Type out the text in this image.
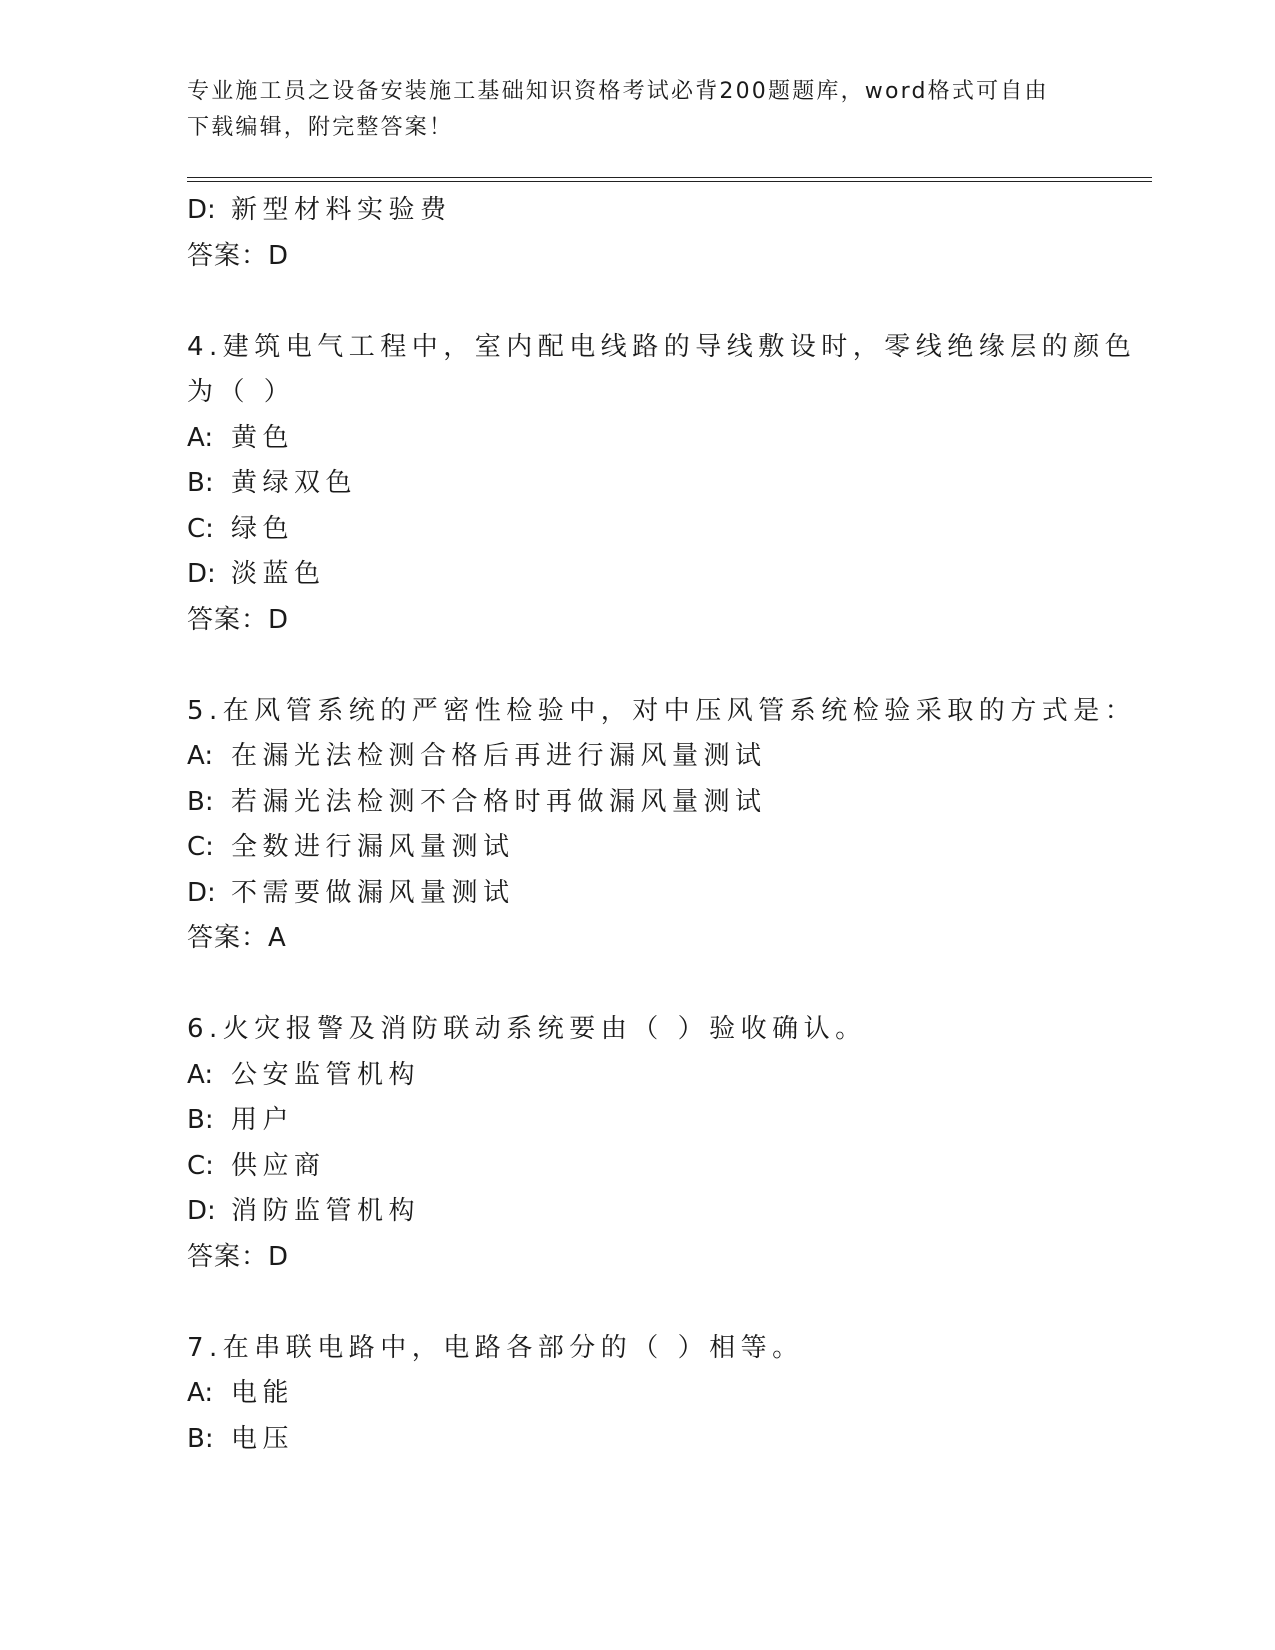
专业施工员之设备安装施工基础知识资格考试必背200题题库，word格式可自由
下载编辑，附完整答案！
D: 新型材料实验费
答案：D
4.建筑电气工程中，室内配电线路的导线敷设时，零线绝缘层的颜色
为（ ）
A: 黄色
B: 黄绿双色
C: 绿色
D: 淡蓝色
答案：D
5.在风管系统的严密性检验中，对中压风管系统检验采取的方式是：
A: 在漏光法检测合格后再进行漏风量测试
B: 若漏光法检测不合格时再做漏风量测试
C: 全数进行漏风量测试
D: 不需要做漏风量测试
答案：A
6.火灾报警及消防联动系统要由（ ）验收确认。
A: 公安监管机构
B: 用户
C: 供应商
D: 消防监管机构
答案：D
7.在串联电路中，电路各部分的（ ）相等。
A: 电能
B: 电压
